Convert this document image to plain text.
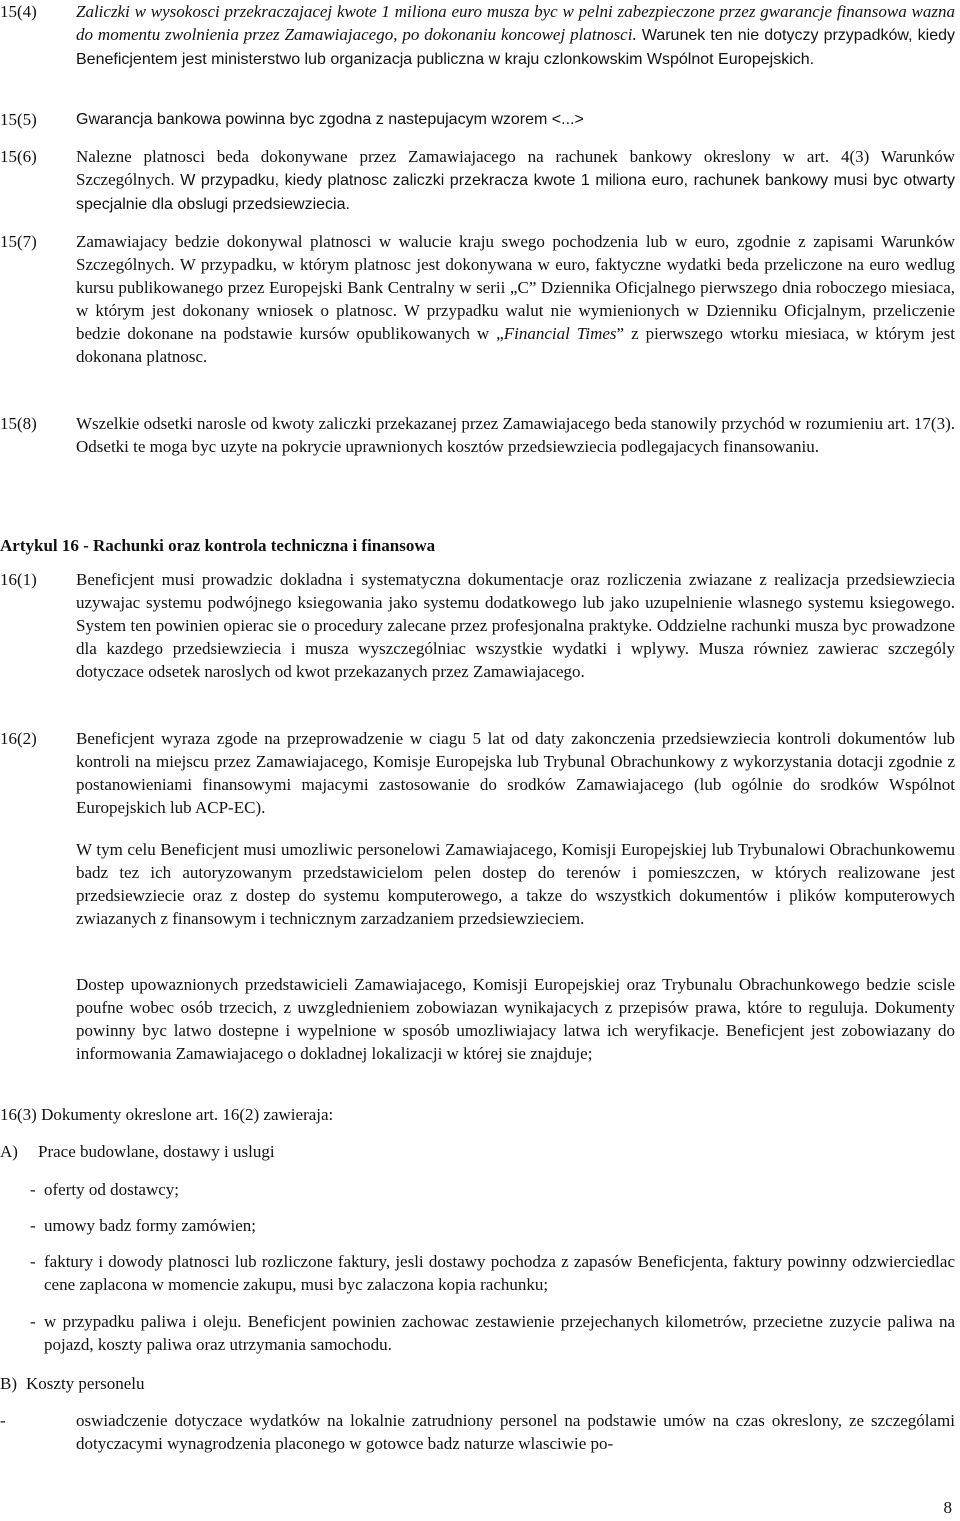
15(4) Zaliczki w wysokosci przekraczajacej kwote 1 miliona euro musza byc w pelni zabezpieczone przez gwarancje finansowa wazna do momentu zwolnienia przez Zamawiajacego, po dokonaniu koncowej platnosci. Warunek ten nie dotyczy przypadków, kiedy Beneficjentem jest ministerstwo lub organizacja publiczna w kraju czlonkowskim Wspólnot Europejskich.
15(5) Gwarancja bankowa powinna byc zgodna z nastepujacym wzorem <...>
15(6) Nalezne platnosci beda dokonywane przez Zamawiajacego na rachunek bankowy okreslony w art. 4(3) Warunków Szczególnych. W przypadku, kiedy platnosc zaliczki przekracza kwote 1 miliona euro, rachunek bankowy musi byc otwarty specjalnie dla obslugi przedsiewziecia.
15(7) Zamawiajacy bedzie dokonywal platnosci w walucie kraju swego pochodzenia lub w euro, zgodnie z zapisami Warunków Szczególnych. W przypadku, w którym platnosc jest dokonywana w euro, faktyczne wydatki beda przeliczone na euro wedlug kursu publikowanego przez Europejski Bank Centralny w serii „C” Dziennika Oficjalnego pierwszego dnia roboczego miesiaca, w którym jest dokonany wniosek o platnosc. W przypadku walut nie wymienionych w Dzienniku Oficjalnym, przeliczenie bedzie dokonane na podstawie kursów opublikowanych w „Financial Times” z pierwszego wtorku miesiaca, w którym jest dokonana platnosc.
15(8) Wszelkie odsetki narosle od kwoty zaliczki przekazanej przez Zamawiajacego beda stanowily przychód w rozumieniu art. 17(3). Odsetki te moga byc uzyte na pokrycie uprawnionych kosztów przedsiewziecia podlegajacych finansowaniu.
Artykul 16 - Rachunki oraz kontrola techniczna i finansowa
16(1) Beneficjent musi prowadzic dokladna i systematyczna dokumentacje oraz rozliczenia zwiazane z realizacja przedsiewziecia uzywajac systemu podwójnego ksiegowania jako systemu dodatkowego lub jako uzupelnienie wlasnego systemu ksiegowego. System ten powinien opierac sie o procedury zalecane przez profesjonalna praktyke. Oddzielne rachunki musza byc prowadzone dla kazdego przedsiewziecia i musza wyszczególniac wszystkie wydatki i wplywy. Musza równiez zawierac szczególy dotyczace odsetek naroslych od kwot przekazanych przez Zamawiajacego.
16(2) Beneficjent wyraza zgode na przeprowadzenie w ciagu 5 lat od daty zakonczenia przedsiewziecia kontroli dokumentów lub kontroli na miejscu przez Zamawiajacego, Komisje Europejska lub Trybunal Obrachunkowy z wykorzystania dotacji zgodnie z postanowieniami finansowymi majacymi zastosowanie do srodków Zamawiajacego (lub ogólnie do srodków Wspólnot Europejskich lub ACP-EC).
W tym celu Beneficjent musi umozliwic personelowi Zamawiajacego, Komisji Europejskiej lub Trybunalowi Obrachunkowemu badz tez ich autoryzowanym przedstawicielom pelen dostep do terenów i pomieszczen, w których realizowane jest przedsiewziecie oraz z dostep do systemu komputerowego, a takze do wszystkich dokumentów i plików komputerowych zwiazanych z finansowym i technicznym zarzadzaniem przedsiewzieciem.
Dostep upowaznionych przedstawicieli Zamawiajacego, Komisji Europejskiej oraz Trybunalu Obrachunkowego bedzie scisle poufne wobec osób trzecich, z uwzglednieniem zobowiazan wynikajacych z przepisów prawa, które to reguluja. Dokumenty powinny byc latwo dostepne i wypelnione w sposób umozliwiajacy latwa ich weryfikacje. Beneficjent jest zobowiazany do informowania Zamawiajacego o dokladnej lokalizacji w której sie znajduje;
16(3) Dokumenty okreslone art. 16(2) zawieraja:
A) Prace budowlane, dostawy i uslugi
- oferty od dostawcy;
- umowy badz formy zamówien;
- faktury i dowody platnosci lub rozliczone faktury, jesli dostawy pochodza z zapasów Beneficjenta, faktury powinny odzwierciedlac cene zaplacona w momencie zakupu, musi byc zalaczona kopia rachunku;
- w przypadku paliwa i oleju. Beneficjent powinien zachowac zestawienie przejechanych kilometrów, przecietne zuzycie paliwa na pojazd, koszty paliwa oraz utrzymania samochodu.
B) Koszty personelu
-	oswiadczenie dotyczace wydatków na lokalnie zatrudniony personel na podstawie umów na czas okreslony, ze szczególami dotyczacymi wynagrodzenia placonego w gotowce badz naturze wlasciwie po-
8
